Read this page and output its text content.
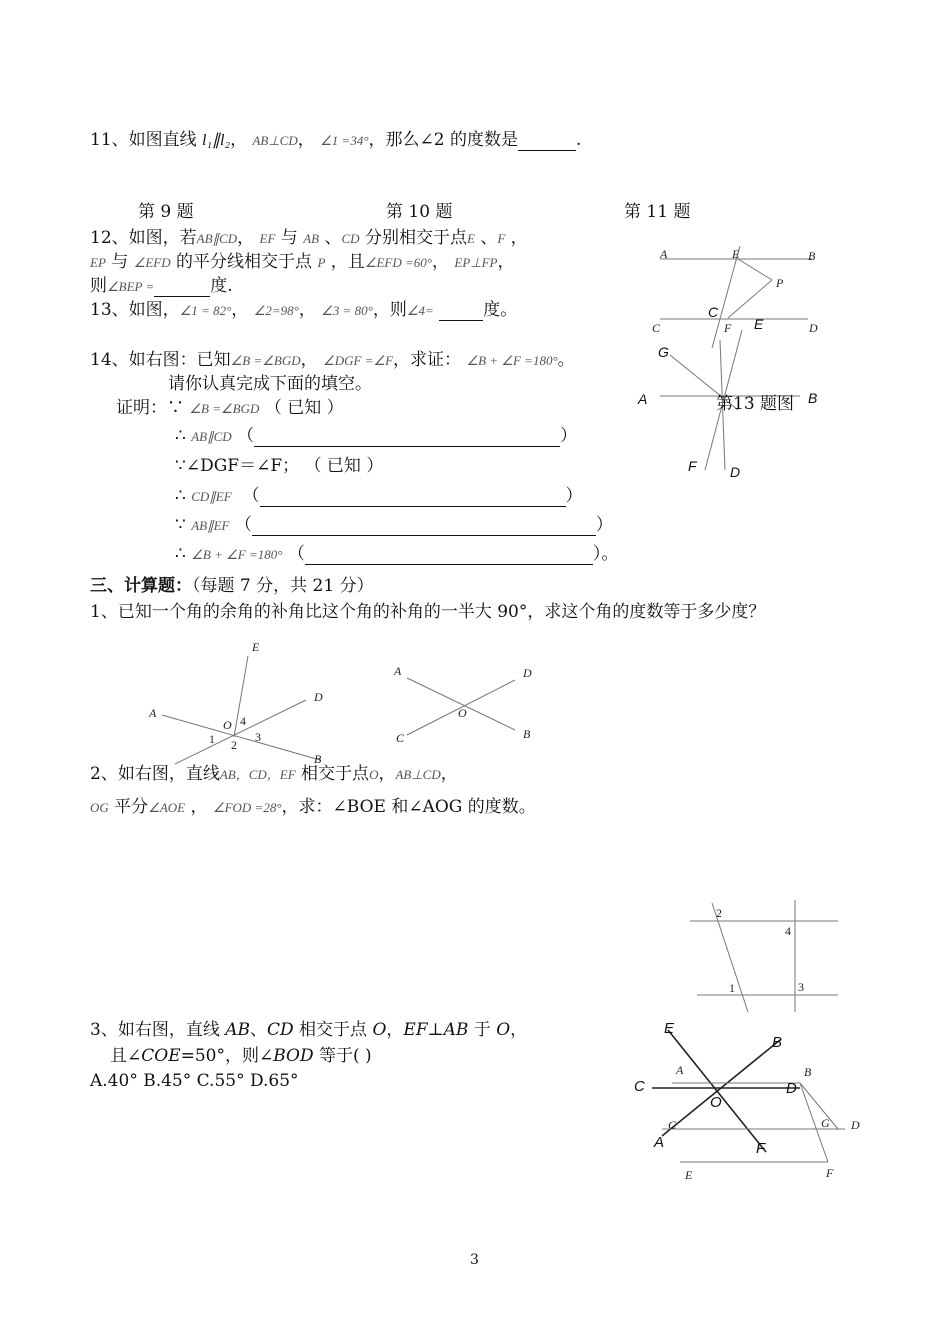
11、如图直线 l₁∥l₂， AB⊥CD， ∠1 =34°，那么∠2 的度数是	.
第 9 题	第 10 题	第 11 题
12、如图，若AB∥CD， EF 与 AB 、CD 分别相交于点E 、F ，
EP 与 ∠EFD 的平分线相交于点 P ，且∠EFD =60°， EP⊥FP，
则∠BEP =	度.
13、如图，∠1 = 82°， ∠2=98°， ∠3 = 80°，则∠4=	度。
14、如右图：已知∠B =∠BGD， ∠DGF =∠F，求证： ∠B + ∠F =180°。
请你认真完成下面的填空。
证明：∵ ∠B =∠BGD （ 已知 ）
∴ AB∥CD （	）
∵∠DGF＝∠F； （ 已知 ）
∴ CD∥EF （	）
∵ AB∥EF （	）
∴ ∠B + ∠F =180° （	）。
三、计算题：（每题 7 分，共 21 分）
1、已知一个角的余角的补角比这个角的补角的一半大 90°，求这个角的度数等于多少度？
2、如右图，直线AB，CD，EF 相交于点O，AB⊥CD，
OG 平分∠AOE ， ∠FOD =28°，求：∠BOE 和∠AOG 的度数。
3、如右图，直线 AB、CD 相交于点 O，EF⊥AB 于 O，
且∠COE=50°，则∠BOD 等于( )
A.40° B.45° C.55° D.65°
A	E	B
P
C	F	D
C
E
G
A	第13 题图 B
F D
E
D
A
O 4
1 2
3
B
A	D
O
C	B
2
4
1	3
E
B
A
C	D
O
C
A	F
B
G D
E	F
3
